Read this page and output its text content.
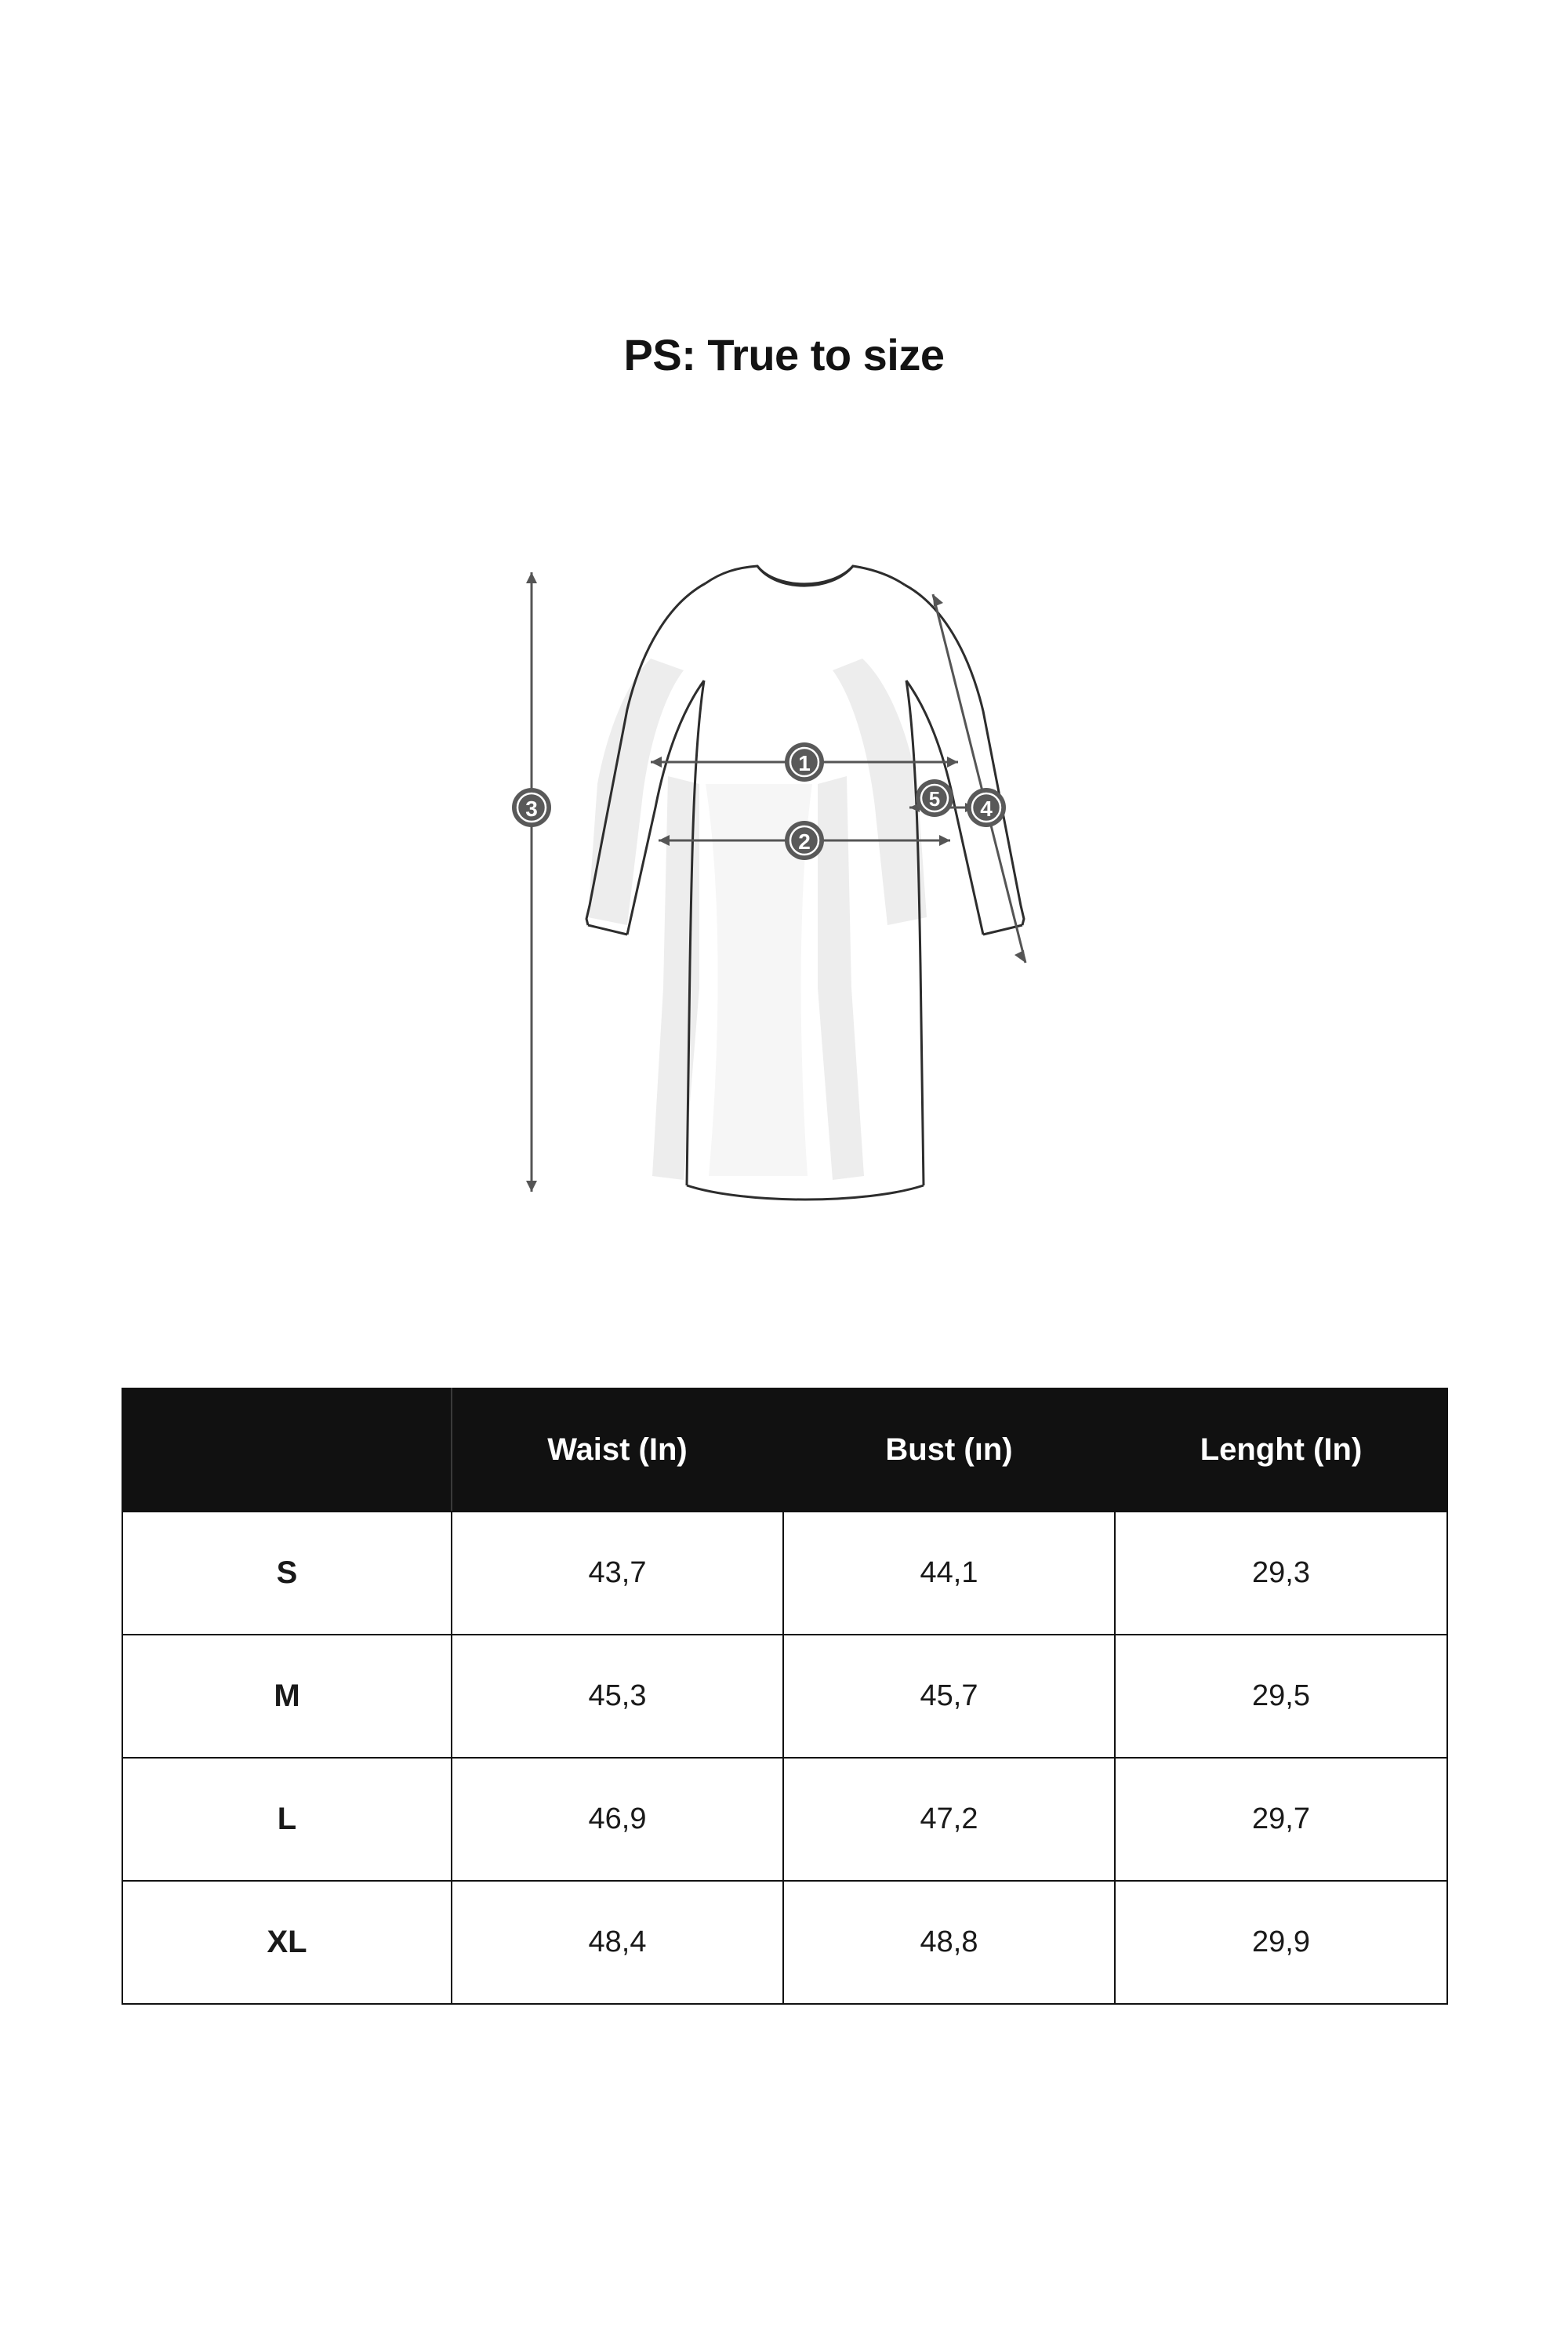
PS: True to size
1
2
3	4
5
	Waist (In)	Bust (ın)	Lenght (In)
S	43,7	44,1	29,3
M	45,3	45,7	29,5
L	46,9	47,2	29,7
XL	48,4	48,8	29,9
